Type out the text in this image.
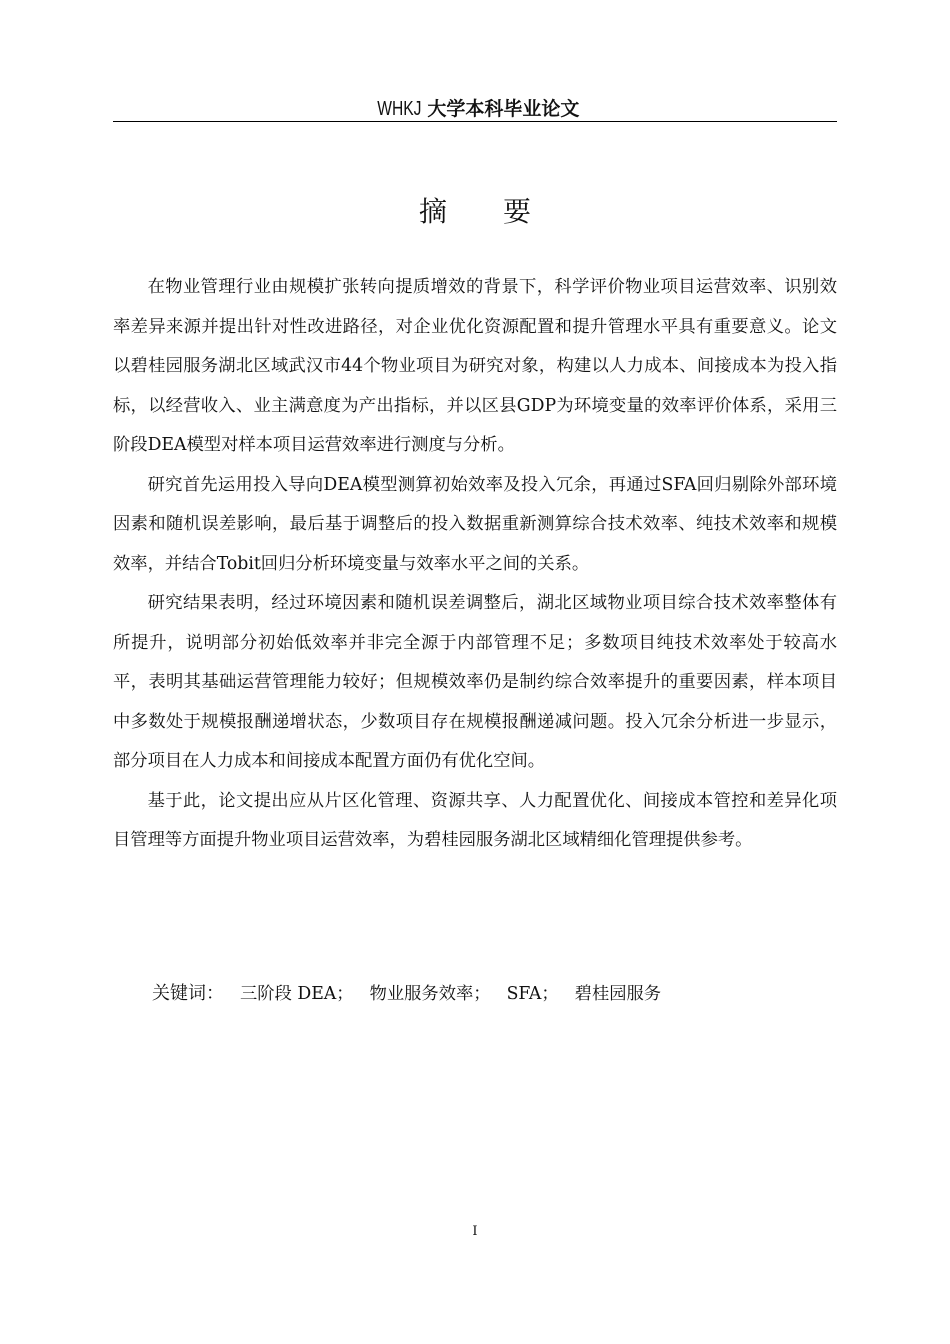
WHKJ 大学本科毕业论文
摘 要

在物业管理行业由规模扩张转向提质增效的背景下，科学评价物业项目运营效率、识别效率差异来源并提出针对性改进路径，对企业优化资源配置和提升管理水平具有重要意义。论文以碧桂园服务湖北区域武汉市44个物业项目为研究对象，构建以人力成本、间接成本为投入指标，以经营收入、业主满意度为产出指标，并以区县GDP为环境变量的效率评价体系，采用三阶段DEA模型对样本项目运营效率进行测度与分析。

研究首先运用投入导向DEA模型测算初始效率及投入冗余，再通过SFA回归剔除外部环境因素和随机误差影响，最后基于调整后的投入数据重新测算综合技术效率、纯技术效率和规模效率，并结合Tobit回归分析环境变量与效率水平之间的关系。

研究结果表明，经过环境因素和随机误差调整后，湖北区域物业项目综合技术效率整体有所提升，说明部分初始低效率并非完全源于内部管理不足；多数项目纯技术效率处于较高水平，表明其基础运营管理能力较好；但规模效率仍是制约综合效率提升的重要因素，样本项目中多数处于规模报酬递增状态，少数项目存在规模报酬递减问题。投入冗余分析进一步显示，部分项目在人力成本和间接成本配置方面仍有优化空间。

基于此，论文提出应从片区化管理、资源共享、人力配置优化、间接成本管控和差异化项目管理等方面提升物业项目运营效率，为碧桂园服务湖北区域精细化管理提供参考。

关键词： 三阶段 DEA； 物业服务效率； SFA； 碧桂园服务
I
